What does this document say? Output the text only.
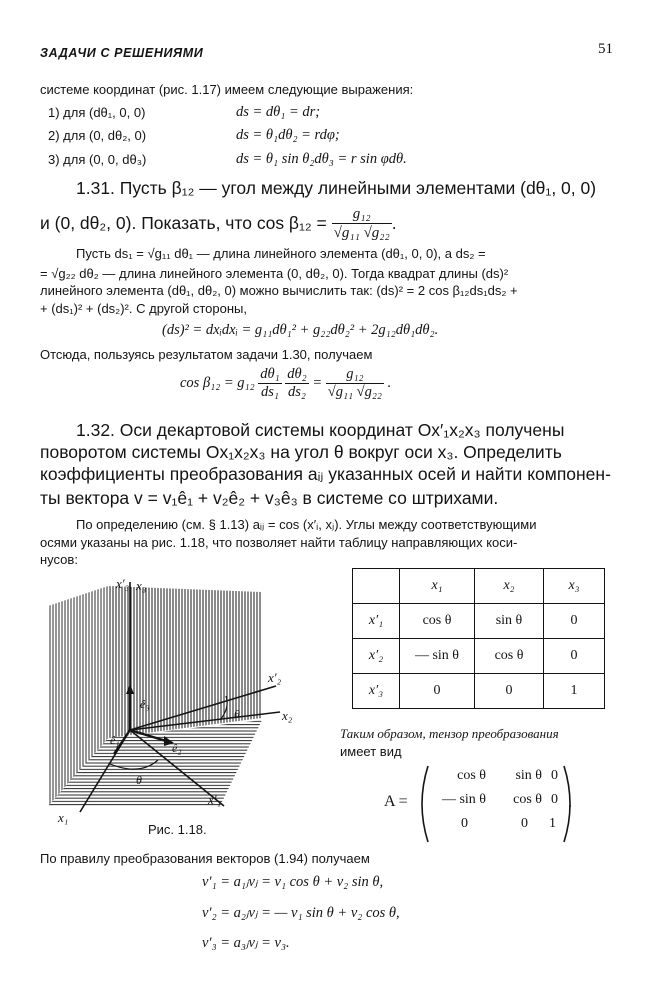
ЗАДАЧИ С РЕШЕНИЯМИ	51
системе координат (рис. 1.17) имеем следующие выражения:
1) для (dθ₁, 0, 0)	ds = dθ₁ = dr;
2) для (0, dθ₂, 0)	ds = θ₁dθ₂ = rdφ;
3) для (0, 0, dθ₃)	ds = θ₁ sin θ₂dθ₃ = r sin φdθ.
1.31. Пусть β₁₂ — угол между линейными элементами (dθ₁, 0, 0)
и (0, dθ₂, 0). Показать, что $\cos \beta_{12} = \frac{\text{g₁₂}}{\text{√g₁₁ √g₂₂}}$ .
Пусть ds₁ = √g₁₁ dθ₁ — длина линейного элемента (dθ₁, 0, 0), а ds₂ =
= √g₂₂ dθ₂ — длина линейного элемента (0, dθ₂, 0). Тогда квадрат длины (ds)²
линейного элемента (dθ₁, dθ₂, 0) можно вычислить так: (ds)² = 2 cos β₁₂ds₁ds₂ +
+ (ds₁)² + (ds₂)². С другой стороны,
(ds)² = dxᵢdxᵢ = g₁₁dθ₁² + g₂₂dθ₂² + 2g₁₂dθ₁dθ₂.
Отсюда, пользуясь результатом задачи 1.30, получаем
$\cos \beta_{12} = g_{12} \frac{\text{dθ₁}}{\text{ds₁}}$
$\frac{\text{dθ₂}}{\text{ds₂}} = \frac{\text{g₁₂}}{\text{√g₁₁ √g₂₂}}$ .
1.32. Оси декартовой системы координат Ox′₁x₂x₃ получены
поворотом системы Ox₁x₂x₃ на угол θ вокруг оси x₃. Определить
коэффициенты преобразования aᵢⱼ указанных осей и найти компонен-
ты вектора v = v₁ê₁ + v₂ê₂ + v₃ê₃ в системе со штрихами.
По определению (см. § 1.13) aᵢⱼ = cos (x′ᵢ, xⱼ). Углы между соответствующими
осями указаны на рис. 1.18, что позволяет найти таблицу направляющих коси-
нусов:
x′₃ x₃
x′₂
x₂
x₁
x′₁
ê₃
ê₂
ê₁
θ
θ
Рис. 1.18.
	x₁	x₂	x₃
x′₁	cos θ	sin θ	0
x′₂	— sin θ	cos θ	0
x′₃	0	0	1
Таким образом, тензор преобразования
имеет вид
A =
cos θ	sin θ 0
— sin θ	cos θ 0
0	0	1
.
По правилу преобразования векторов (1.94) получаем
v′₁ = a₁ⱼvⱼ = v₁ cos θ + v₂ sin θ,
v′₂ = a₂ⱼvⱼ = — v₁ sin θ + v₂ cos θ,
v′₃ = a₃ⱼvⱼ = v₃.
